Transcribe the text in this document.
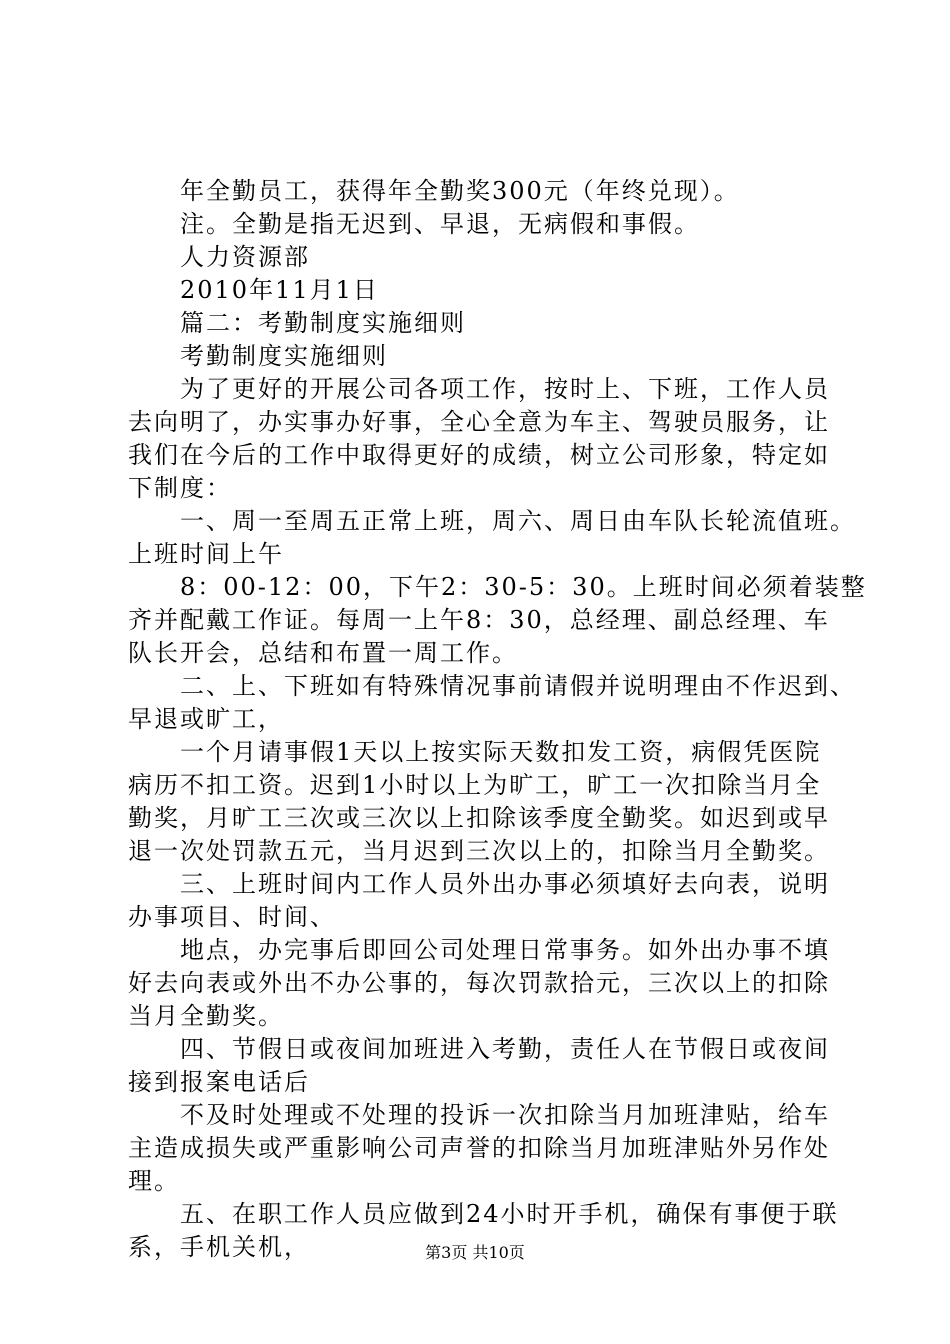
年全勤员工，获得年全勤奖300元（年终兑现）。
注。全勤是指无迟到、早退，无病假和事假。
人力资源部
2010年11月1日
篇二：考勤制度实施细则
考勤制度实施细则
为了更好的开展公司各项工作，按时上、下班，工作人员
去向明了，办实事办好事，全心全意为车主、驾驶员服务，让
我们在今后的工作中取得更好的成绩，树立公司形象，特定如
下制度：
一、周一至周五正常上班，周六、周日由车队长轮流值班。
上班时间上午
8：00-12：00，下午2：30-5：30。上班时间必须着装整
齐并配戴工作证。每周一上午8：30，总经理、副总经理、车
队长开会，总结和布置一周工作。
二、上、下班如有特殊情况事前请假并说明理由不作迟到、
早退或旷工，
一个月请事假1天以上按实际天数扣发工资，病假凭医院
病历不扣工资。迟到1小时以上为旷工，旷工一次扣除当月全
勤奖，月旷工三次或三次以上扣除该季度全勤奖。如迟到或早
退一次处罚款五元，当月迟到三次以上的，扣除当月全勤奖。
三、上班时间内工作人员外出办事必须填好去向表，说明
办事项目、时间、
地点，办完事后即回公司处理日常事务。如外出办事不填
好去向表或外出不办公事的，每次罚款拾元，三次以上的扣除
当月全勤奖。
四、节假日或夜间加班进入考勤，责任人在节假日或夜间
接到报案电话后
不及时处理或不处理的投诉一次扣除当月加班津贴，给车
主造成损失或严重影响公司声誉的扣除当月加班津贴外另作处
理。
五、在职工作人员应做到24小时开手机，确保有事便于联
系，手机关机，	第3页 共10页
